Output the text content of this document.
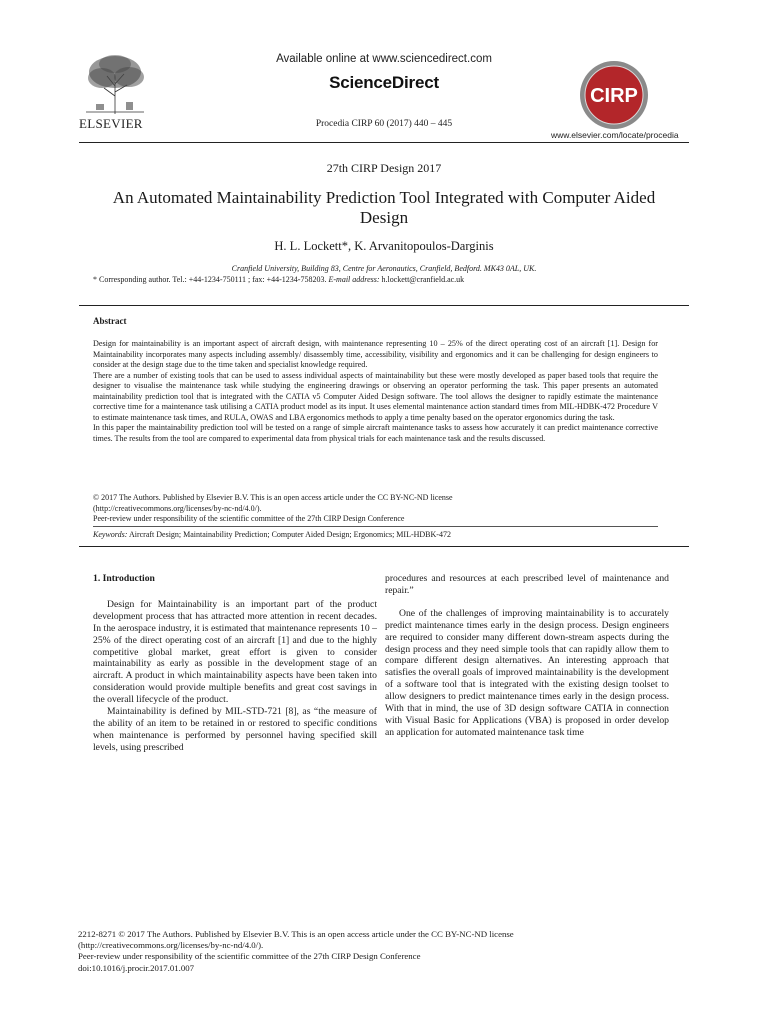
ELSEVIER
Available online at www.sciencedirect.com
ScienceDirect
Procedia CIRP 60 (2017) 440 – 445
CIRP
www.elsevier.com/locate/procedia
27th CIRP Design 2017
An Automated Maintainability Prediction Tool Integrated with Computer Aided Design
H. L. Lockett*, K. Arvanitopoulos-Darginis
Cranfield University, Building 83, Centre for Aeronautics, Cranfield, Bedford. MK43 0AL, UK.
* Corresponding author. Tel.: +44-1234-750111 ; fax: +44-1234-758203. E-mail address: h.lockett@cranfield.ac.uk
Abstract

Design for maintainability is an important aspect of aircraft design, with maintenance representing 10 – 25% of the direct operating cost of an aircraft [1]. Design for Maintainability incorporates many aspects including assembly/ disassembly time, accessibility, visibility and ergonomics and it can be challenging for design engineers to consider at the design stage due to the time taken and specialist knowledge required.

There are a number of existing tools that can be used to assess individual aspects of maintainability but these were mostly developed as paper based tools that require the designer to visualise the maintenance task while studying the engineering drawings or observing an operator performing the task. This paper presents an automated maintainability prediction tool that is integrated with the CATIA v5 Computer Aided Design software. The tool allows the designer to rapidly estimate the maintenance corrective time for a maintenance task utilising a CATIA product model as its input. It uses elemental maintenance action standard times from MIL-HDBK-472 Procedure V to estimate maintenance task times, and RULA, OWAS and LBA ergonomics methods to apply a time penalty based on the operator ergonomics during the task.

In this paper the maintainability prediction tool will be tested on a range of simple aircraft maintenance tasks to assess how accurately it can predict maintenance corrective times. The results from the tool are compared to experimental data from physical trials for each maintenance task and the results discussed.

© 2017 The Authors. Published by Elsevier B.V. This is an open access article under the CC BY-NC-ND license

(http://creativecommons.org/licenses/by-nc-nd/4.0/).

Peer-review under responsibility of the scientific committee of the 27th CIRP Design Conference

Keywords: Aircraft Design; Maintainability Prediction; Computer Aided Design; Ergonomics; MIL-HDBK-472

1. Introduction

Design for Maintainability is an important part of the product development process that has attracted more attention in recent decades. In the aerospace industry, it is estimated that maintenance represents 10 – 25% of the direct operating cost of an aircraft [1] and due to the highly competitive global market, great effort is given to consider maintainability as early as possible in the development stage of an aircraft. A product in which maintainability aspects have been taken into consideration would provide multiple benefits and great cost savings in the overall lifecycle of the product.

Maintainability is defined by MIL-STD-721 [8], as “the measure of the ability of an item to be retained in or restored to specific conditions when maintenance is performed by personnel having specified skill levels, using prescribed

procedures and resources at each prescribed level of maintenance and repair.”

One of the challenges of improving maintainability is to accurately predict maintenance times early in the design process. Design engineers are required to consider many different down-stream aspects during the design process and they need simple tools that can rapidly allow them to compare different design alternatives. An interesting approach that satisfies the overall goals of improved maintainability is the development of a software tool that is integrated with the existing design toolset to allow designers to predict maintenance times early in the design process. With that in mind, the use of 3D design software CATIA in connection with Visual Basic for Applications (VBA) is proposed in order develop an application for automated maintenance task time

2212-8271 © 2017 The Authors. Published by Elsevier B.V. This is an open access article under the CC BY-NC-ND license

(http://creativecommons.org/licenses/by-nc-nd/4.0/).

Peer-review under responsibility of the scientific committee of the 27th CIRP Design Conference

doi:10.1016/j.procir.2017.01.007
